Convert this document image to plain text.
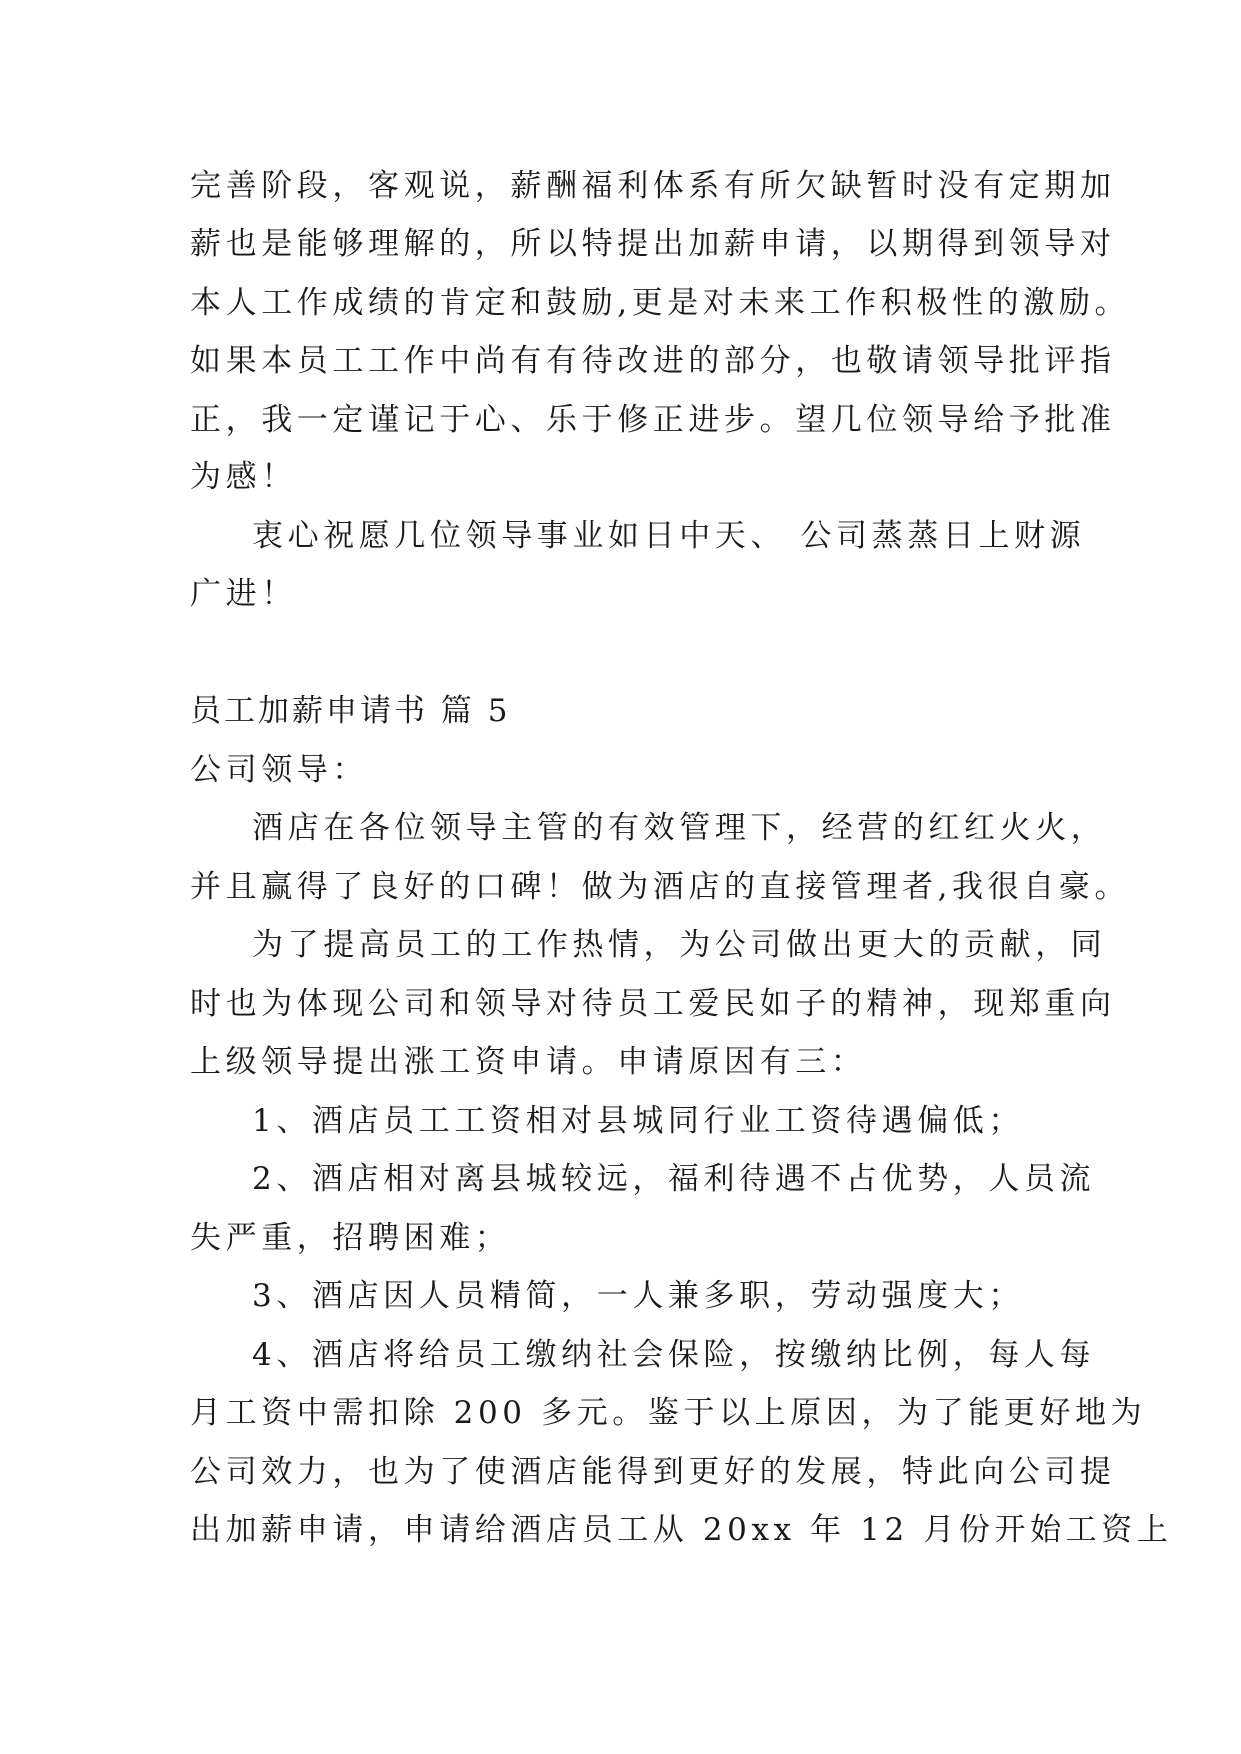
完善阶段，客观说，薪酬福利体系有所欠缺暂时没有定期加

薪也是能够理解的，所以特提出加薪申请，以期得到领导对

本人工作成绩的肯定和鼓励,更是对未来工作积极性的激励。

如果本员工工作中尚有有待改进的部分，也敬请领导批评指

正，我一定谨记于心、乐于修正进步。望几位领导给予批准

为感！

衷心祝愿几位领导事业如日中天、 公司蒸蒸日上财源

广进！

员工加薪申请书 篇 5

公司领导：

酒店在各位领导主管的有效管理下，经营的红红火火，

并且赢得了良好的口碑！做为酒店的直接管理者,我很自豪。

为了提高员工的工作热情，为公司做出更大的贡献，同

时也为体现公司和领导对待员工爱民如子的精神，现郑重向

上级领导提出涨工资申请。申请原因有三：

1、酒店员工工资相对县城同行业工资待遇偏低；

2、酒店相对离县城较远，福利待遇不占优势，人员流

失严重，招聘困难；

3、酒店因人员精简，一人兼多职，劳动强度大；

4、酒店将给员工缴纳社会保险，按缴纳比例，每人每

月工资中需扣除 200 多元。鉴于以上原因，为了能更好地为

公司效力，也为了使酒店能得到更好的发展，特此向公司提

出加薪申请，申请给酒店员工从 20xx 年 12 月份开始工资上
